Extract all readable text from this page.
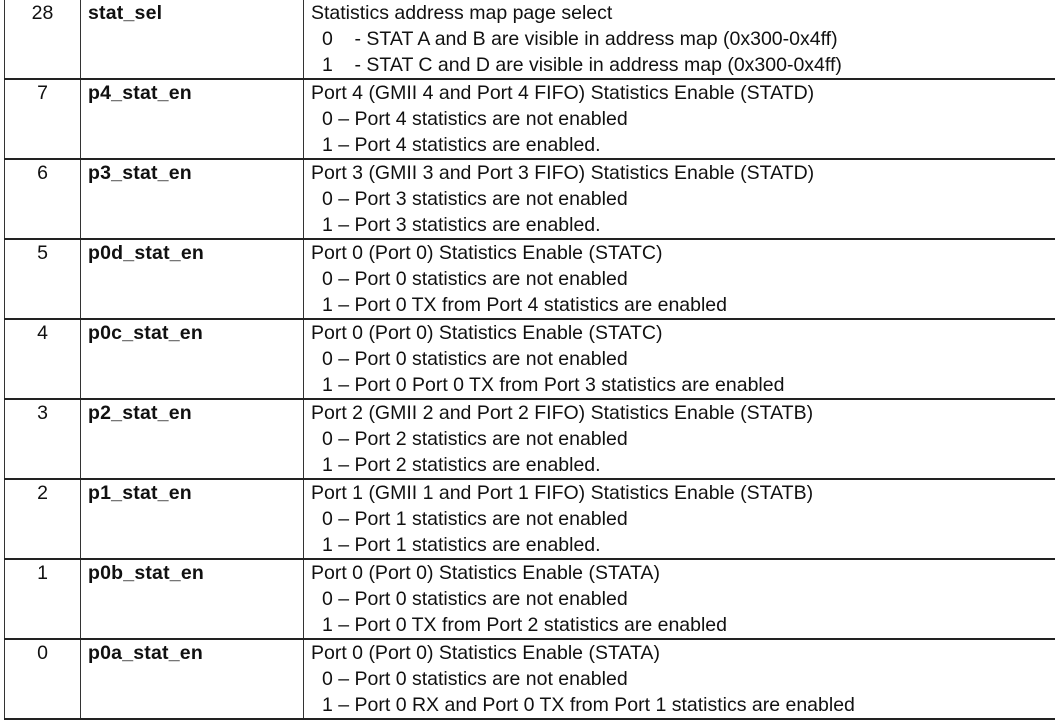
28	stat_sel	Statistics address map page select
0    - STAT A and B are visible in address map (0x300-0x4ff)
1    - STAT C and D are visible in address map (0x300-0x4ff)

7	p4_stat_en	Port 4 (GMII 4 and Port 4 FIFO) Statistics Enable (STATD)
0 – Port 4 statistics are not enabled
1 – Port 4 statistics are enabled.

6	p3_stat_en	Port 3 (GMII 3 and Port 3 FIFO) Statistics Enable (STATD)
0 – Port 3 statistics are not enabled
1 – Port 3 statistics are enabled.

5	p0d_stat_en	Port 0 (Port 0) Statistics Enable (STATC)
0 – Port 0 statistics are not enabled
1 – Port 0 TX from Port 4 statistics are enabled

4	p0c_stat_en	Port 0 (Port 0) Statistics Enable (STATC)
0 – Port 0 statistics are not enabled
1 – Port 0 Port 0 TX from Port 3 statistics are enabled

3	p2_stat_en	Port 2 (GMII 2 and Port 2 FIFO) Statistics Enable (STATB)
0 – Port 2 statistics are not enabled
1 – Port 2 statistics are enabled.

2	p1_stat_en	Port 1 (GMII 1 and Port 1 FIFO) Statistics Enable (STATB)
0 – Port 1 statistics are not enabled
1 – Port 1 statistics are enabled.

1	p0b_stat_en	Port 0 (Port 0) Statistics Enable (STATA)
0 – Port 0 statistics are not enabled
1 – Port 0 TX from Port 2 statistics are enabled

0	p0a_stat_en	Port 0 (Port 0) Statistics Enable (STATA)
0 – Port 0 statistics are not enabled
1 – Port 0 RX and Port 0 TX from Port 1 statistics are enabled
